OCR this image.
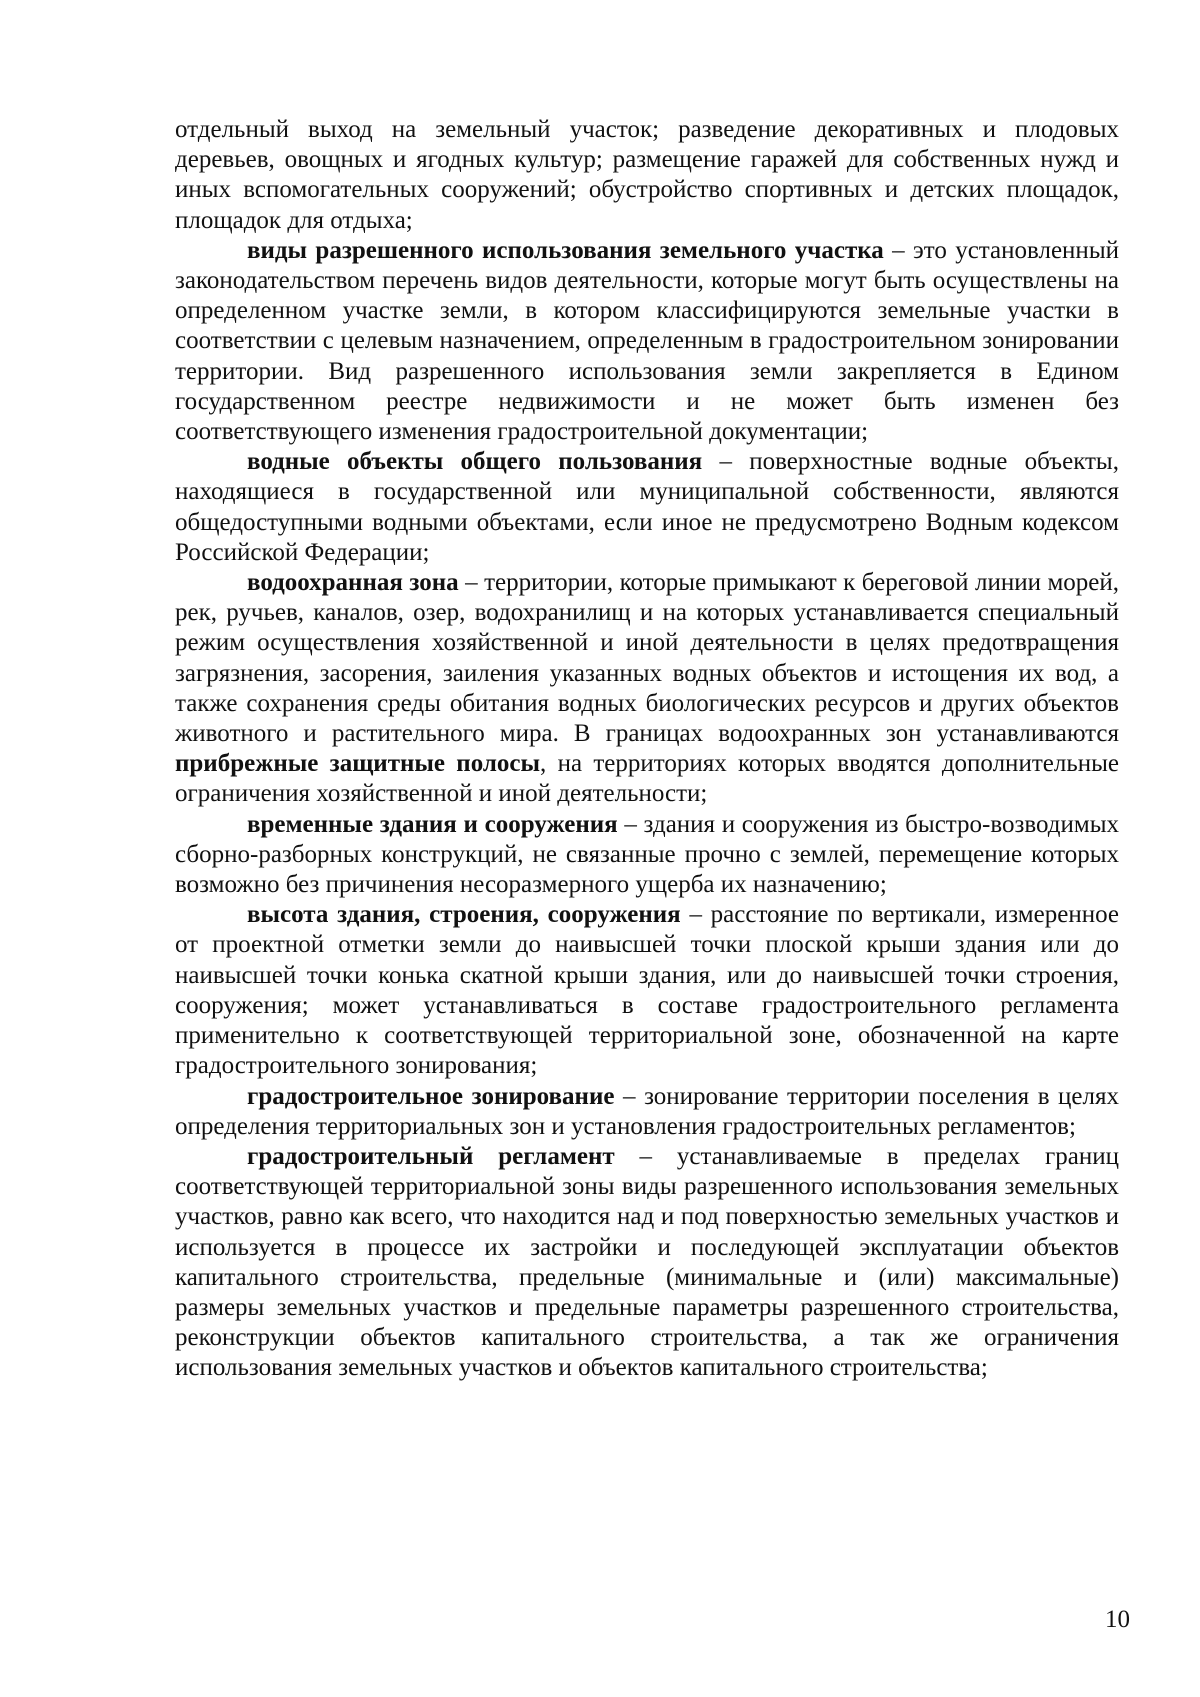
отдельный выход на земельный участок; разведение декоративных и плодовых деревьев, овощных и ягодных культур; размещение гаражей для собственных нужд и иных вспомогательных сооружений; обустройство спортивных и детских площадок, площадок для отдыха;

виды разрешенного использования земельного участка – это установленный законодательством перечень видов деятельности, которые могут быть осуществлены на определенном участке земли, в котором классифицируются земельные участки в соответствии с целевым назначением, определенным в градостроительном зонировании территории. Вид разрешенного использования земли закрепляется в Едином государственном реестре недвижимости и не может быть изменен без соответствующего изменения градостроительной документации;

водные объекты общего пользования – поверхностные водные объекты, находящиеся в государственной или муниципальной собственности, являются общедоступными водными объектами, если иное не предусмотрено Водным кодексом Российской Федерации;

водоохранная зона – территории, которые примыкают к береговой линии морей, рек, ручьев, каналов, озер, водохранилищ и на которых устанавливается специальный режим осуществления хозяйственной и иной деятельности в целях предотвращения загрязнения, засорения, заиления указанных водных объектов и истощения их вод, а также сохранения среды обитания водных биологических ресурсов и других объектов животного и растительного мира. В границах водоохранных зон устанавливаются прибрежные защитные полосы, на территориях которых вводятся дополнительные ограничения хозяйственной и иной деятельности;

временные здания и сооружения – здания и сооружения из быстро-возводимых сборно-разборных конструкций, не связанные прочно с землей, перемещение которых возможно без причинения несоразмерного ущерба их назначению;

высота здания, строения, сооружения – расстояние по вертикали, измеренное от проектной отметки земли до наивысшей точки плоской крыши здания или до наивысшей точки конька скатной крыши здания, или до наивысшей точки строения, сооружения; может устанавливаться в составе градостроительного регламента применительно к соответствующей территориальной зоне, обозначенной на карте градостроительного зонирования;

градостроительное зонирование – зонирование территории поселения в целях определения территориальных зон и установления градостроительных регламентов;

градостроительный регламент – устанавливаемые в пределах границ соответствующей территориальной зоны виды разрешенного использования земельных участков, равно как всего, что находится над и под поверхностью земельных участков и используется в процессе их застройки и последующей эксплуатации объектов капитального строительства, предельные (минимальные и (или) максимальные) размеры земельных участков и предельные параметры разрешенного строительства, реконструкции объектов капитального строительства, а так же ограничения использования земельных участков и объектов капитального строительства;

10
